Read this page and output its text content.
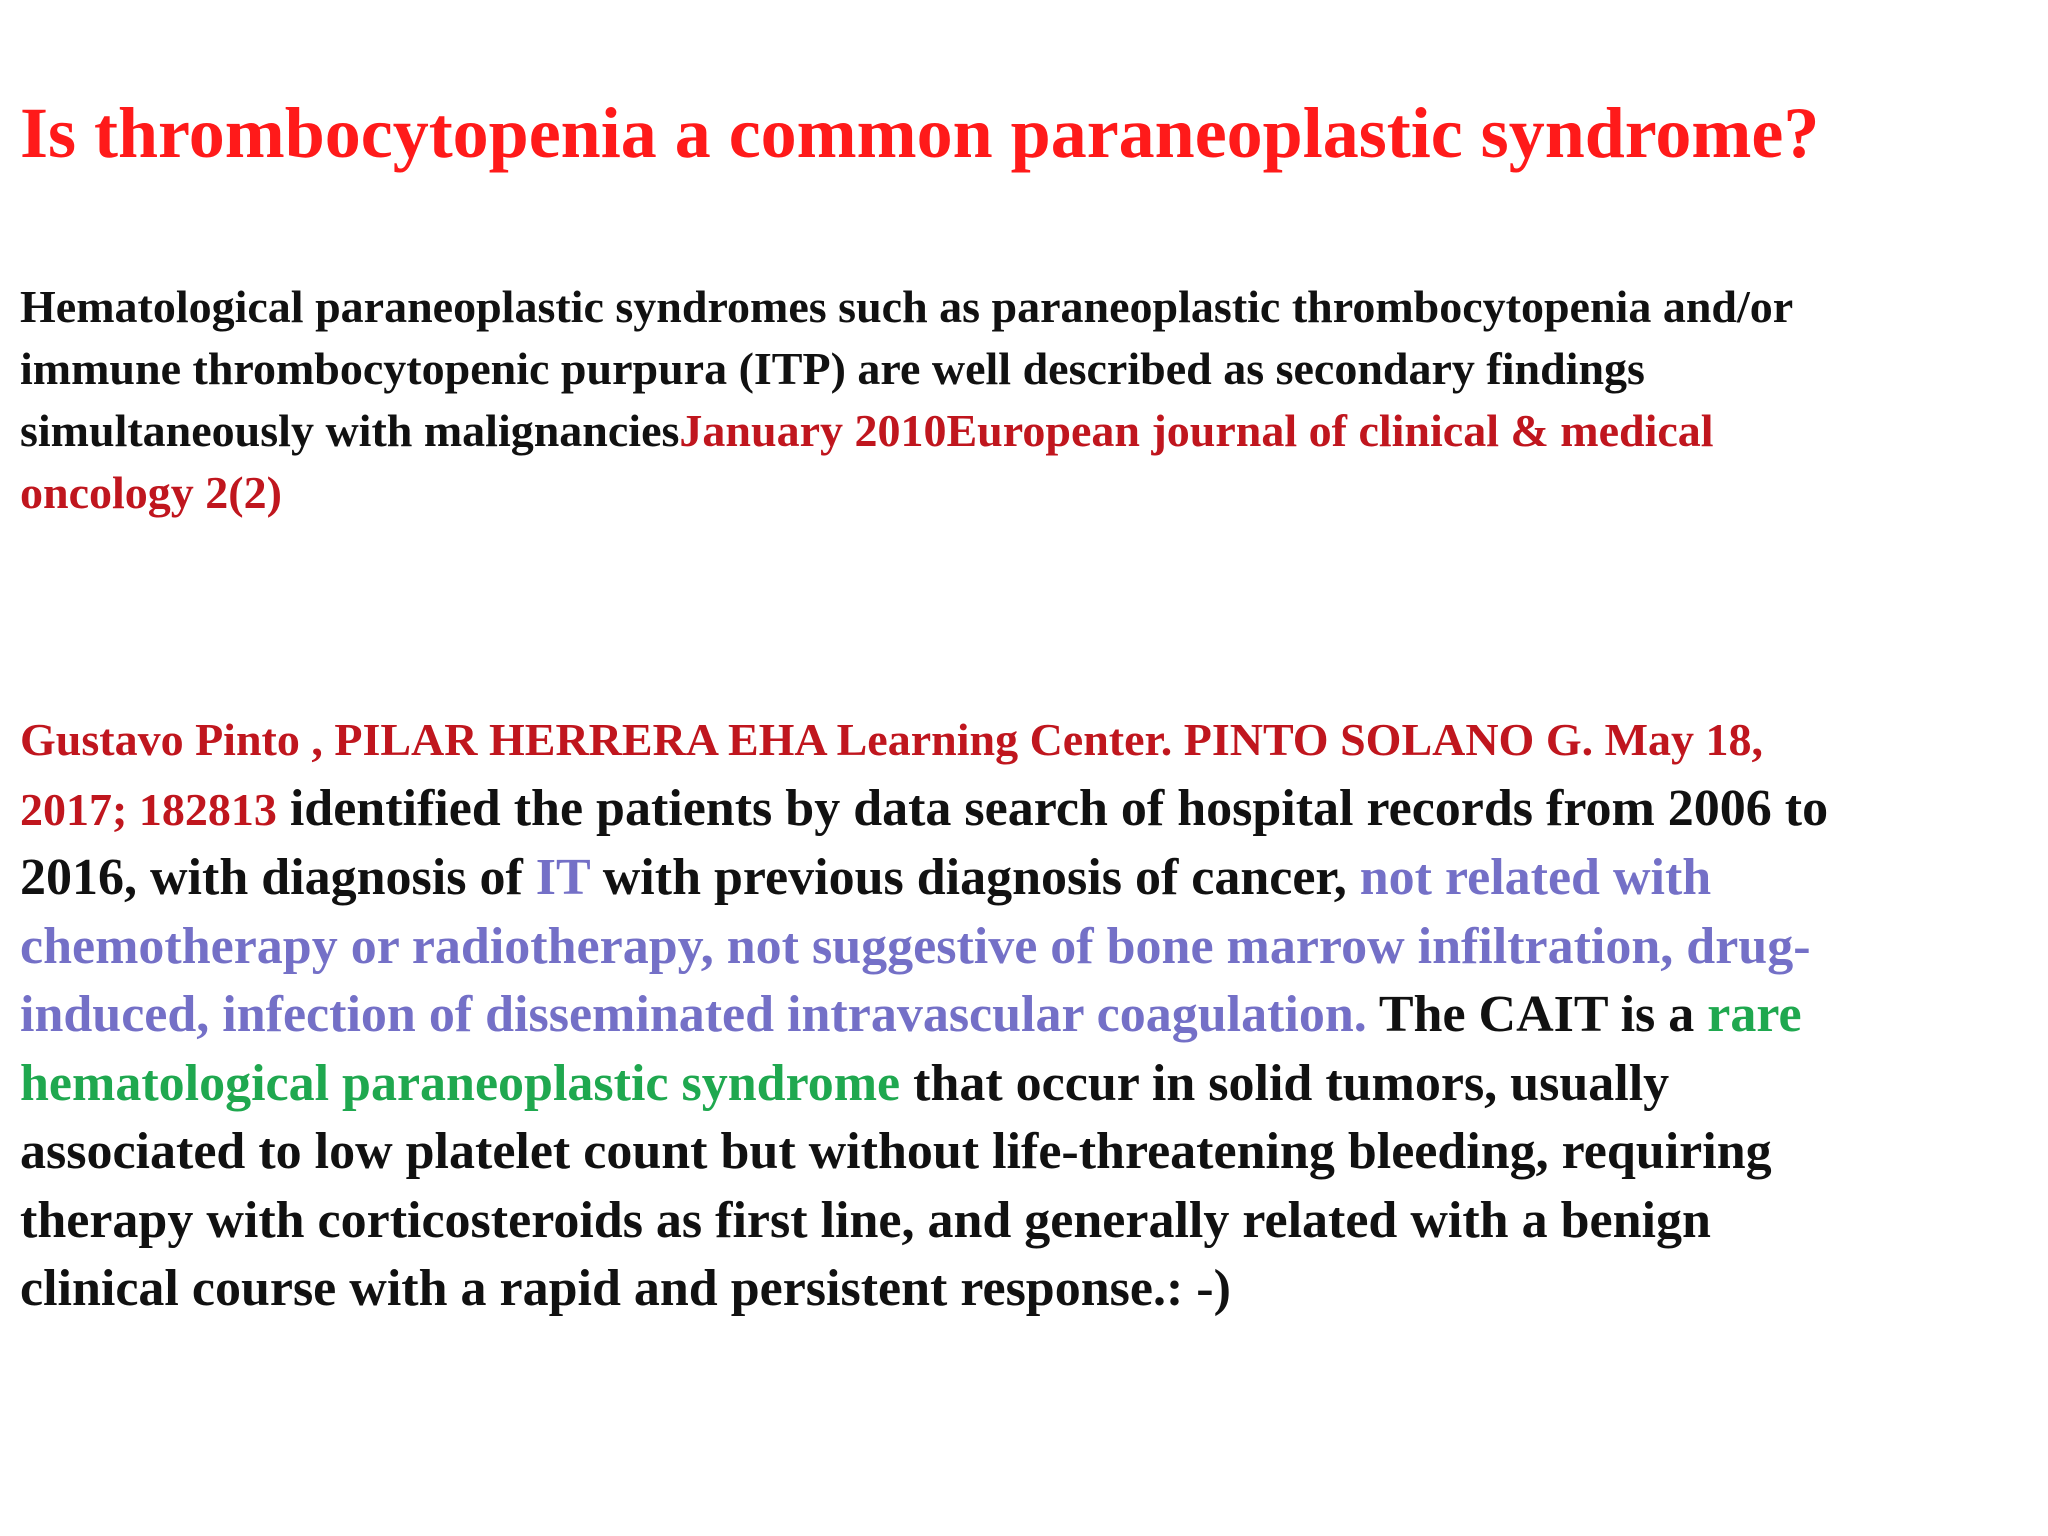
Is thrombocytopenia a common paraneoplastic syndrome?

Hematological paraneoplastic syndromes such as paraneoplastic thrombocytopenia and/or
immune thrombocytopenic purpura (ITP) are well described as secondary findings
simultaneously with malignanciesJanuary 2010European journal of clinical & medical
oncology 2(2)

Gustavo Pinto , PILAR HERRERA EHA Learning Center. PINTO SOLANO G. May 18,
2017; 182813 identified the patients by data search of hospital records from 2006 to
2016, with diagnosis of IT with previous diagnosis of cancer, not related with
chemotherapy or radiotherapy, not suggestive of bone marrow infiltration, drug-
induced, infection of disseminated intravascular coagulation. The CAIT is a rare
hematological paraneoplastic syndrome that occur in solid tumors, usually
associated to low platelet count but without life-threatening bleeding, requiring
therapy with corticosteroids as first line, and generally related with a benign
clinical course with a rapid and persistent response.: -)
